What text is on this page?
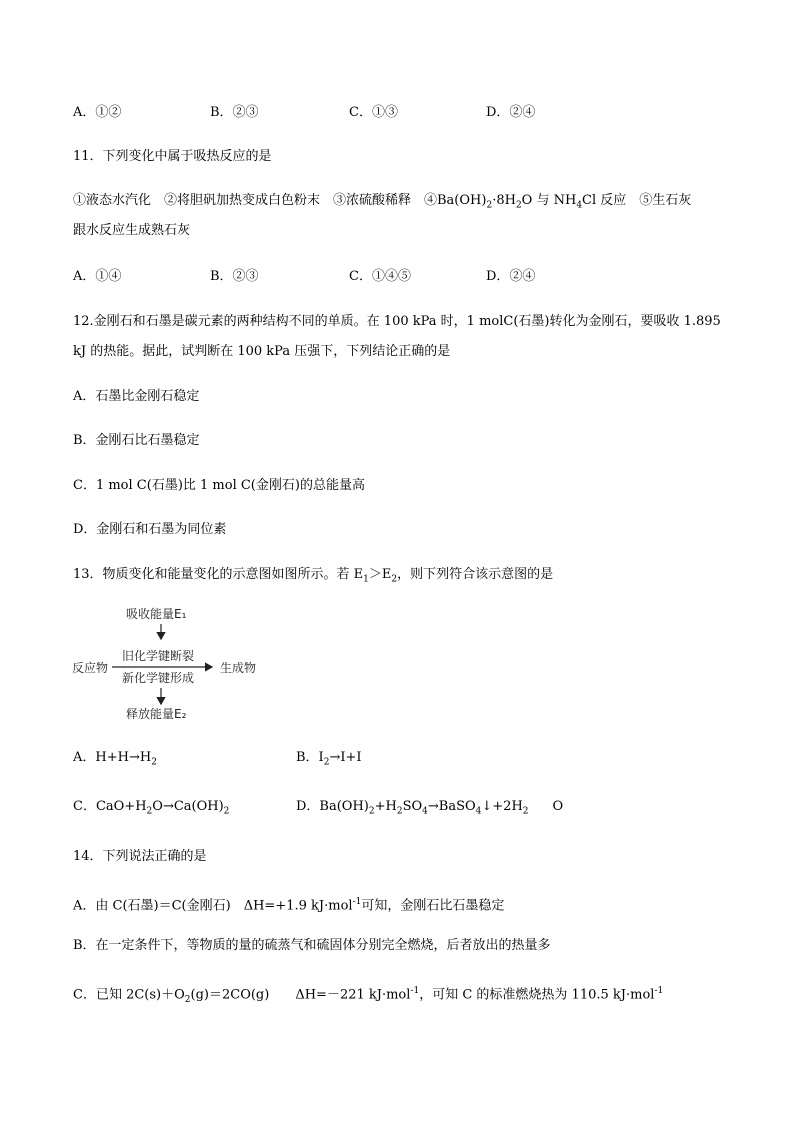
A．①②	B．②③	C．①③	D．②④
11．下列变化中属于吸热反应的是
①液态水汽化　②将胆矾加热变成白色粉末　③浓硫酸稀释　$④Ba(OH)_2\cdot 8H_2O$ 与 $NH_4Cl$ 反应　⑤生石灰
跟水反应生成熟石灰
A．①④	B．②③	C．①④⑤	D．②④
12.金刚石和石墨是碳元素的两种结构不同的单质。在 100 kPa 时，1 molC(石墨)转化为金刚石，要吸收 1.895
kJ 的热能。据此，试判断在 100 kPa 压强下，下列结论正确的是
A．石墨比金刚石稳定
B．金刚石比石墨稳定
C．1 mol C(石墨)比 1 mol C(金刚石)的总能量高
D．金刚石和石墨为同位素
13．物质变化和能量变化的示意图如图所示。若 $E_1>E_2$，则下列符合该示意图的是
吸收能量E₁
反应物
旧化学键断裂
生成物
新化学键形成
释放能量E₂
A．$H+H\to H_2$	B．$I_2\to I+I$
C．$CaO+H_2O\to Ca(OH)_2$	D．$Ba(OH)_2+H_2SO_4\to BaSO_4↓+2H_2$ O
14．下列说法正确的是
A．由 C(石墨)＝C(金刚石)　ΔH=+1.9 kJ·mol$^{-1}$可知，金刚石比石墨稳定
B．在一定条件下，等物质的量的硫蒸气和硫固体分别完全燃烧，后者放出的热量多
C．已知 $2C(s)+O_2(g)=2CO(g)$　　ΔH=－221 kJ·mol$^{-1}$，可知 C 的标准燃烧热为 110.5 kJ·mol$^{-1}$
